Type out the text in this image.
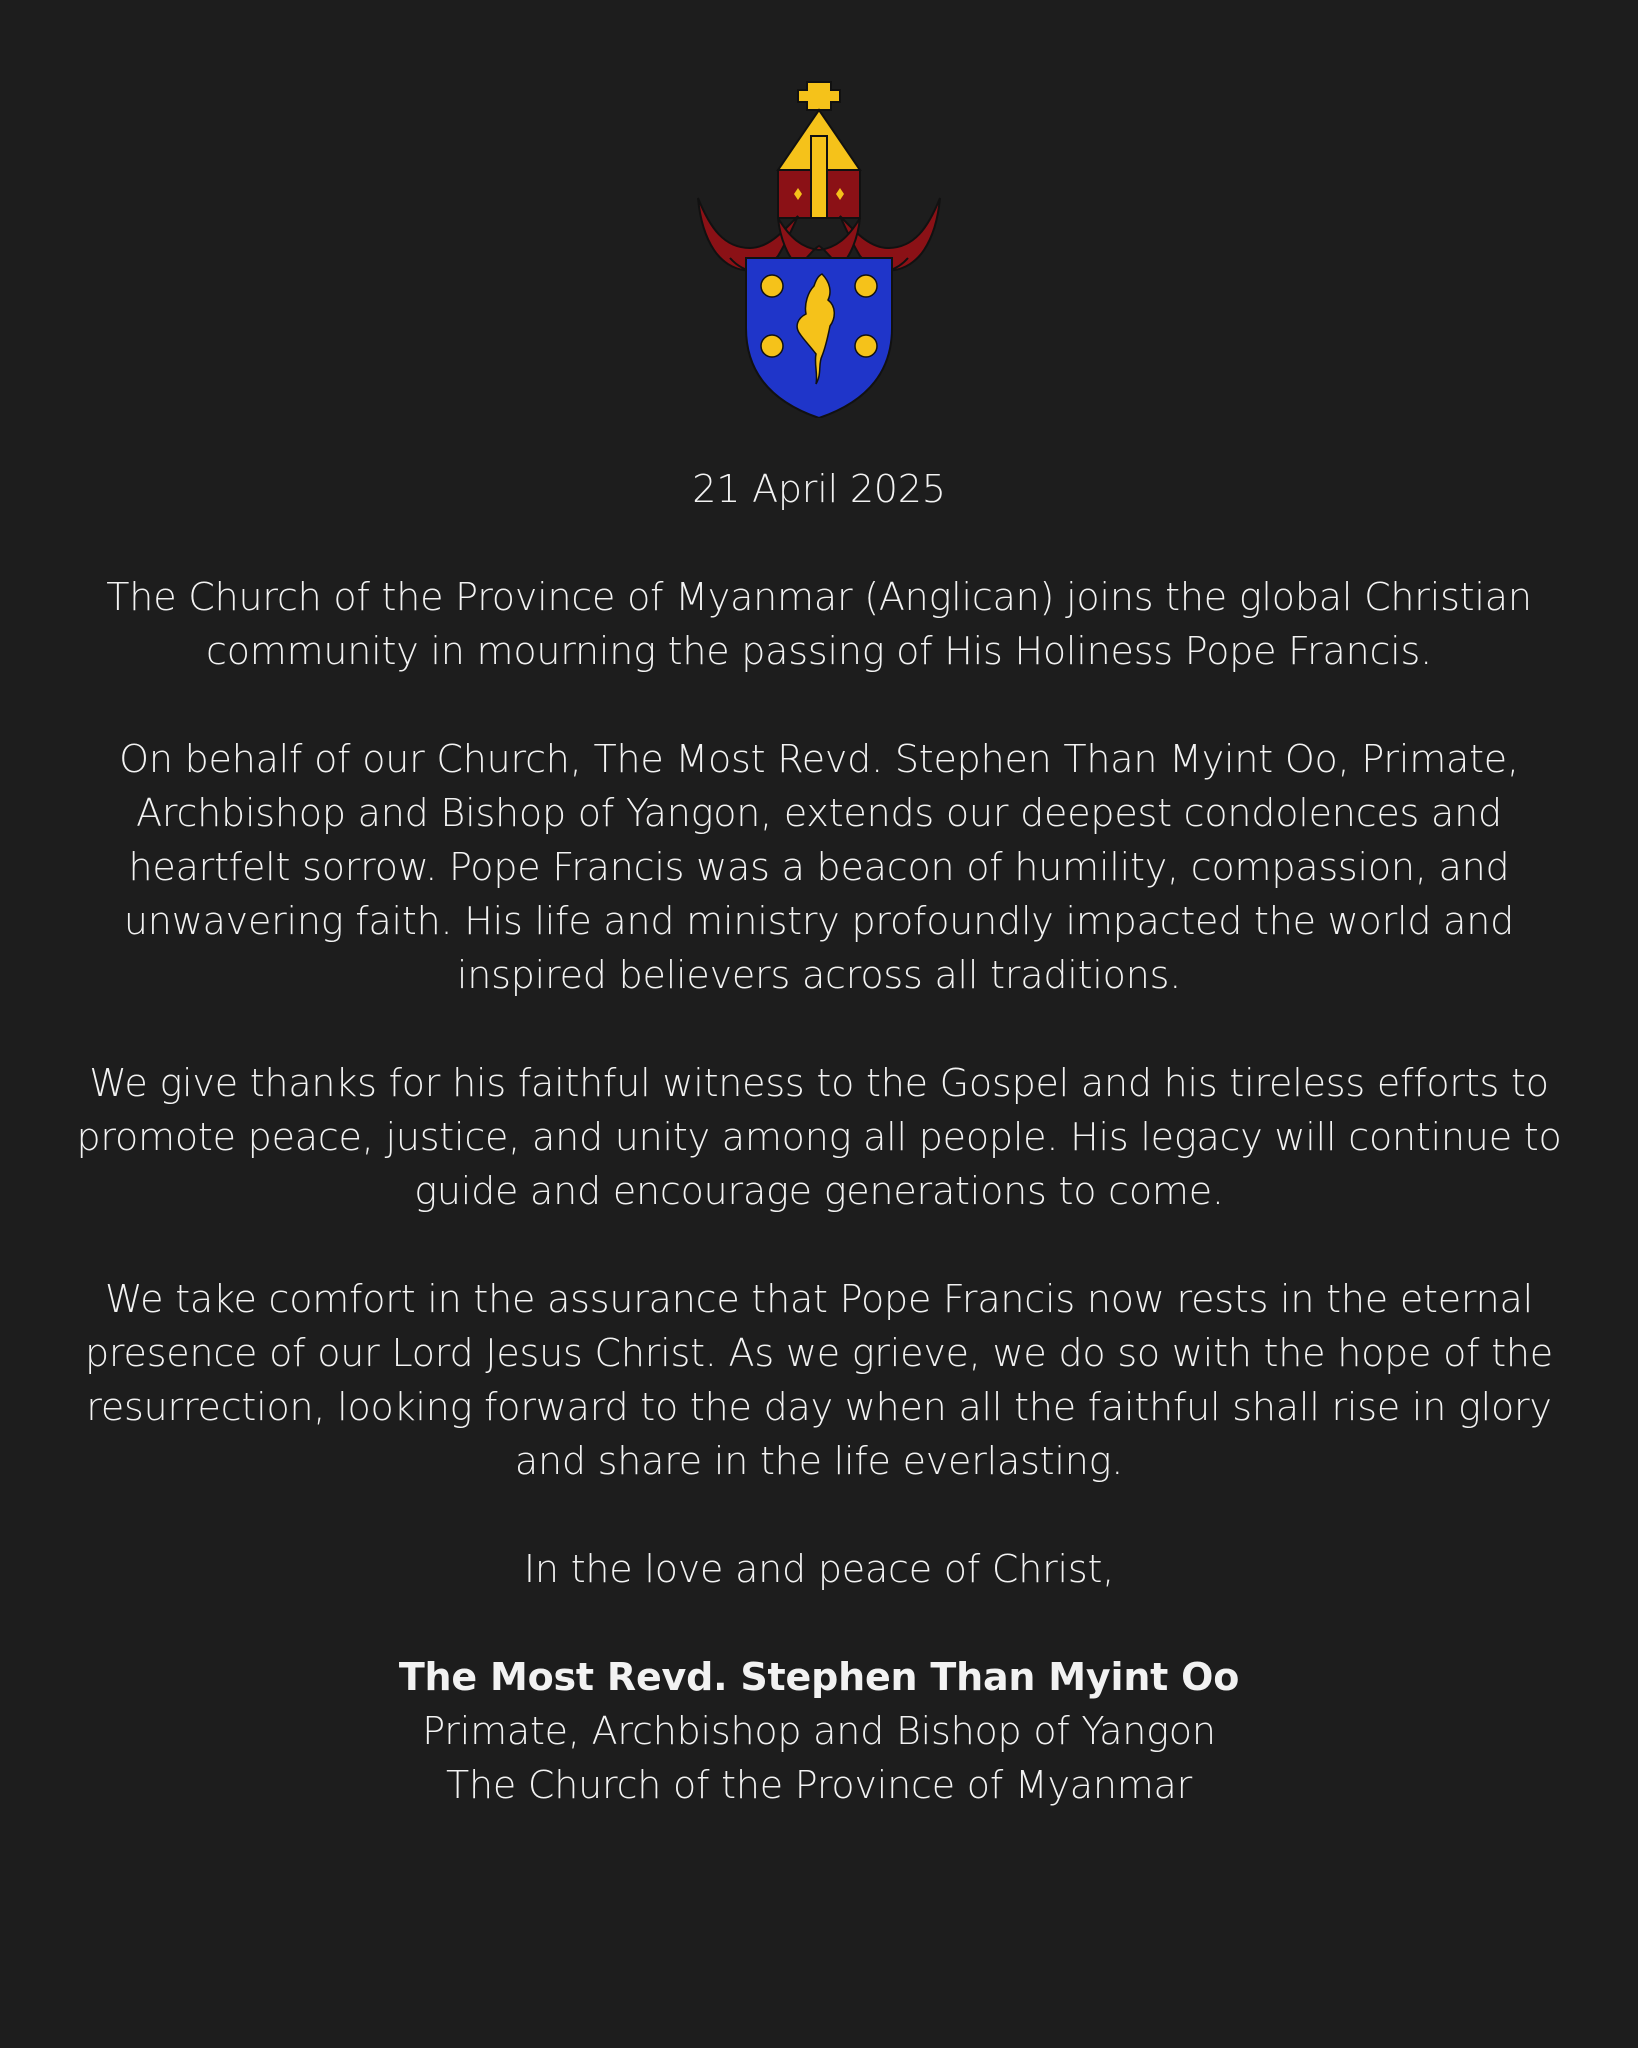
21 April 2025

The Church of the Province of Myanmar (Anglican) joins the global Christian community in mourning the passing of His Holiness Pope Francis.

On behalf of our Church, The Most Revd. Stephen Than Myint Oo, Primate, Archbishop and Bishop of Yangon, extends our deepest condolences and heartfelt sorrow. Pope Francis was a beacon of humility, compassion, and unwavering faith. His life and ministry profoundly impacted the world and inspired believers across all traditions.

We give thanks for his faithful witness to the Gospel and his tireless efforts to promote peace, justice, and unity among all people. His legacy will continue to guide and encourage generations to come.

We take comfort in the assurance that Pope Francis now rests in the eternal presence of our Lord Jesus Christ. As we grieve, we do so with the hope of the resurrection, looking forward to the day when all the faithful shall rise in glory and share in the life everlasting.

In the love and peace of Christ,

The Most Revd. Stephen Than Myint Oo

Primate, Archbishop and Bishop of Yangon

The Church of the Province of Myanmar
